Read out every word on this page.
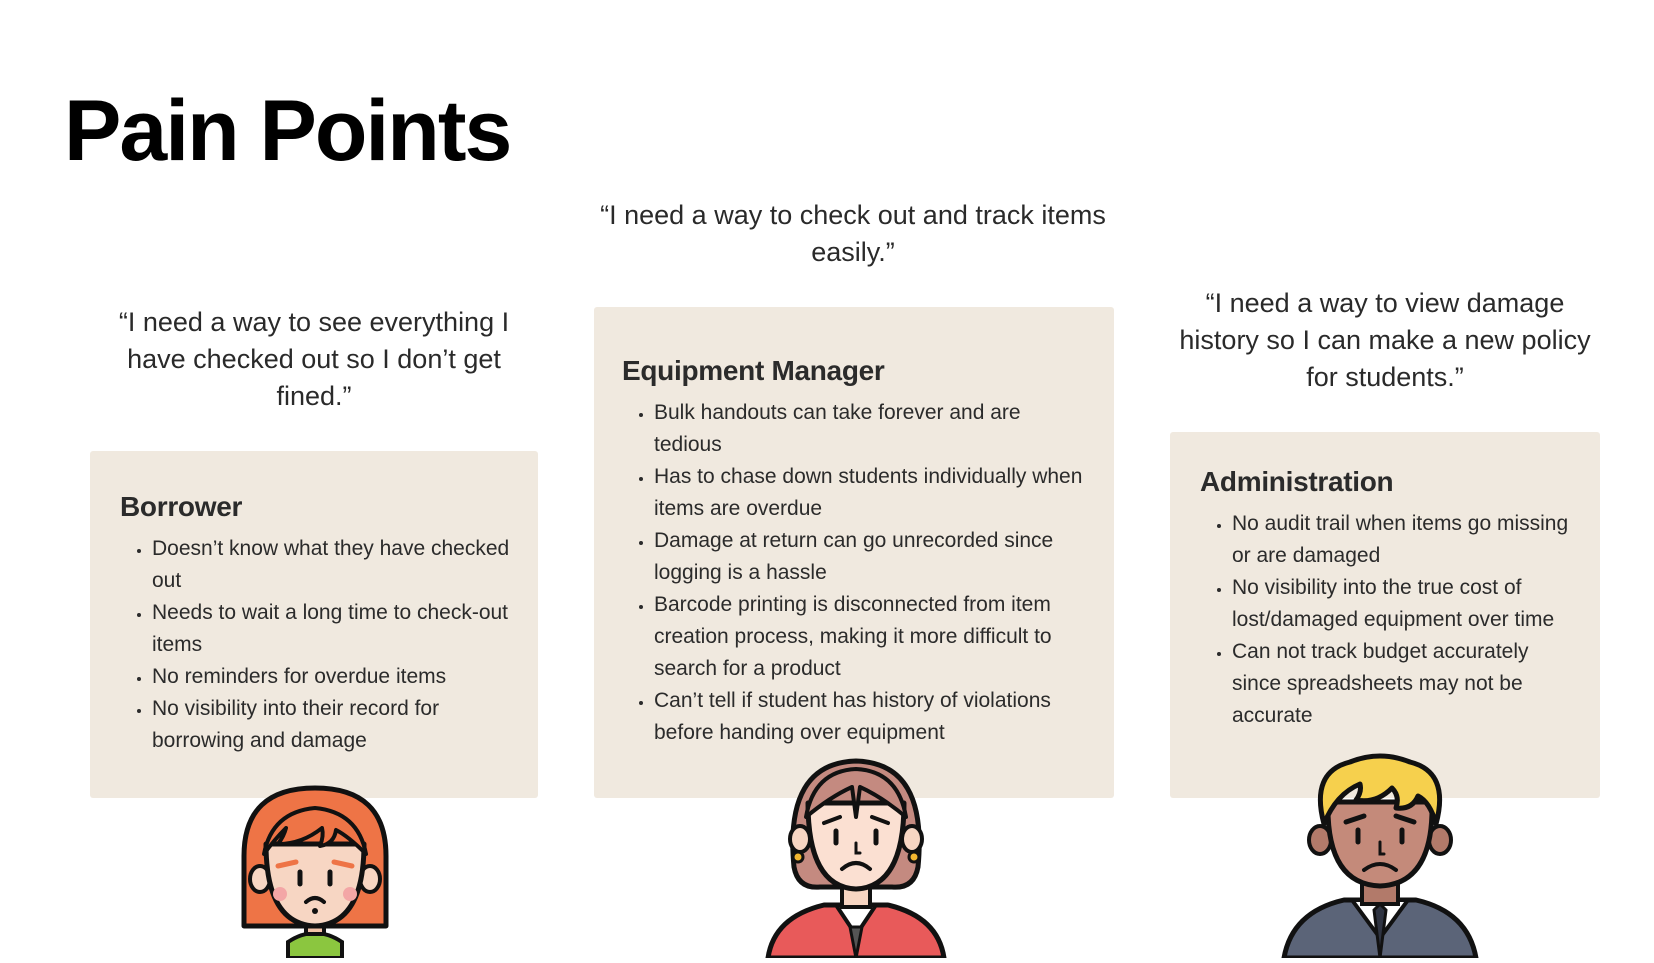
Pain Points

“I need a way to see everything I have checked out so I don’t get fined.”

Borrower
• Doesn’t know what they have checked out
• Needs to wait a long time to check-out items
• No reminders for overdue items
• No visibility into their record for borrowing and damage

“I need a way to check out and track items easily.”

Equipment Manager
• Bulk handouts can take forever and are tedious
• Has to chase down students individually when items are overdue
• Damage at return can go unrecorded since logging is a hassle
• Barcode printing is disconnected from item creation process, making it more difficult to search for a product
• Can’t tell if student has history of violations before handing over equipment

“I need a way to view damage history so I can make a new policy for students.”

Administration
• No audit trail when items go missing or are damaged
• No visibility into the true cost of lost/damaged equipment over time
• Can not track budget accurately since spreadsheets may not be accurate
